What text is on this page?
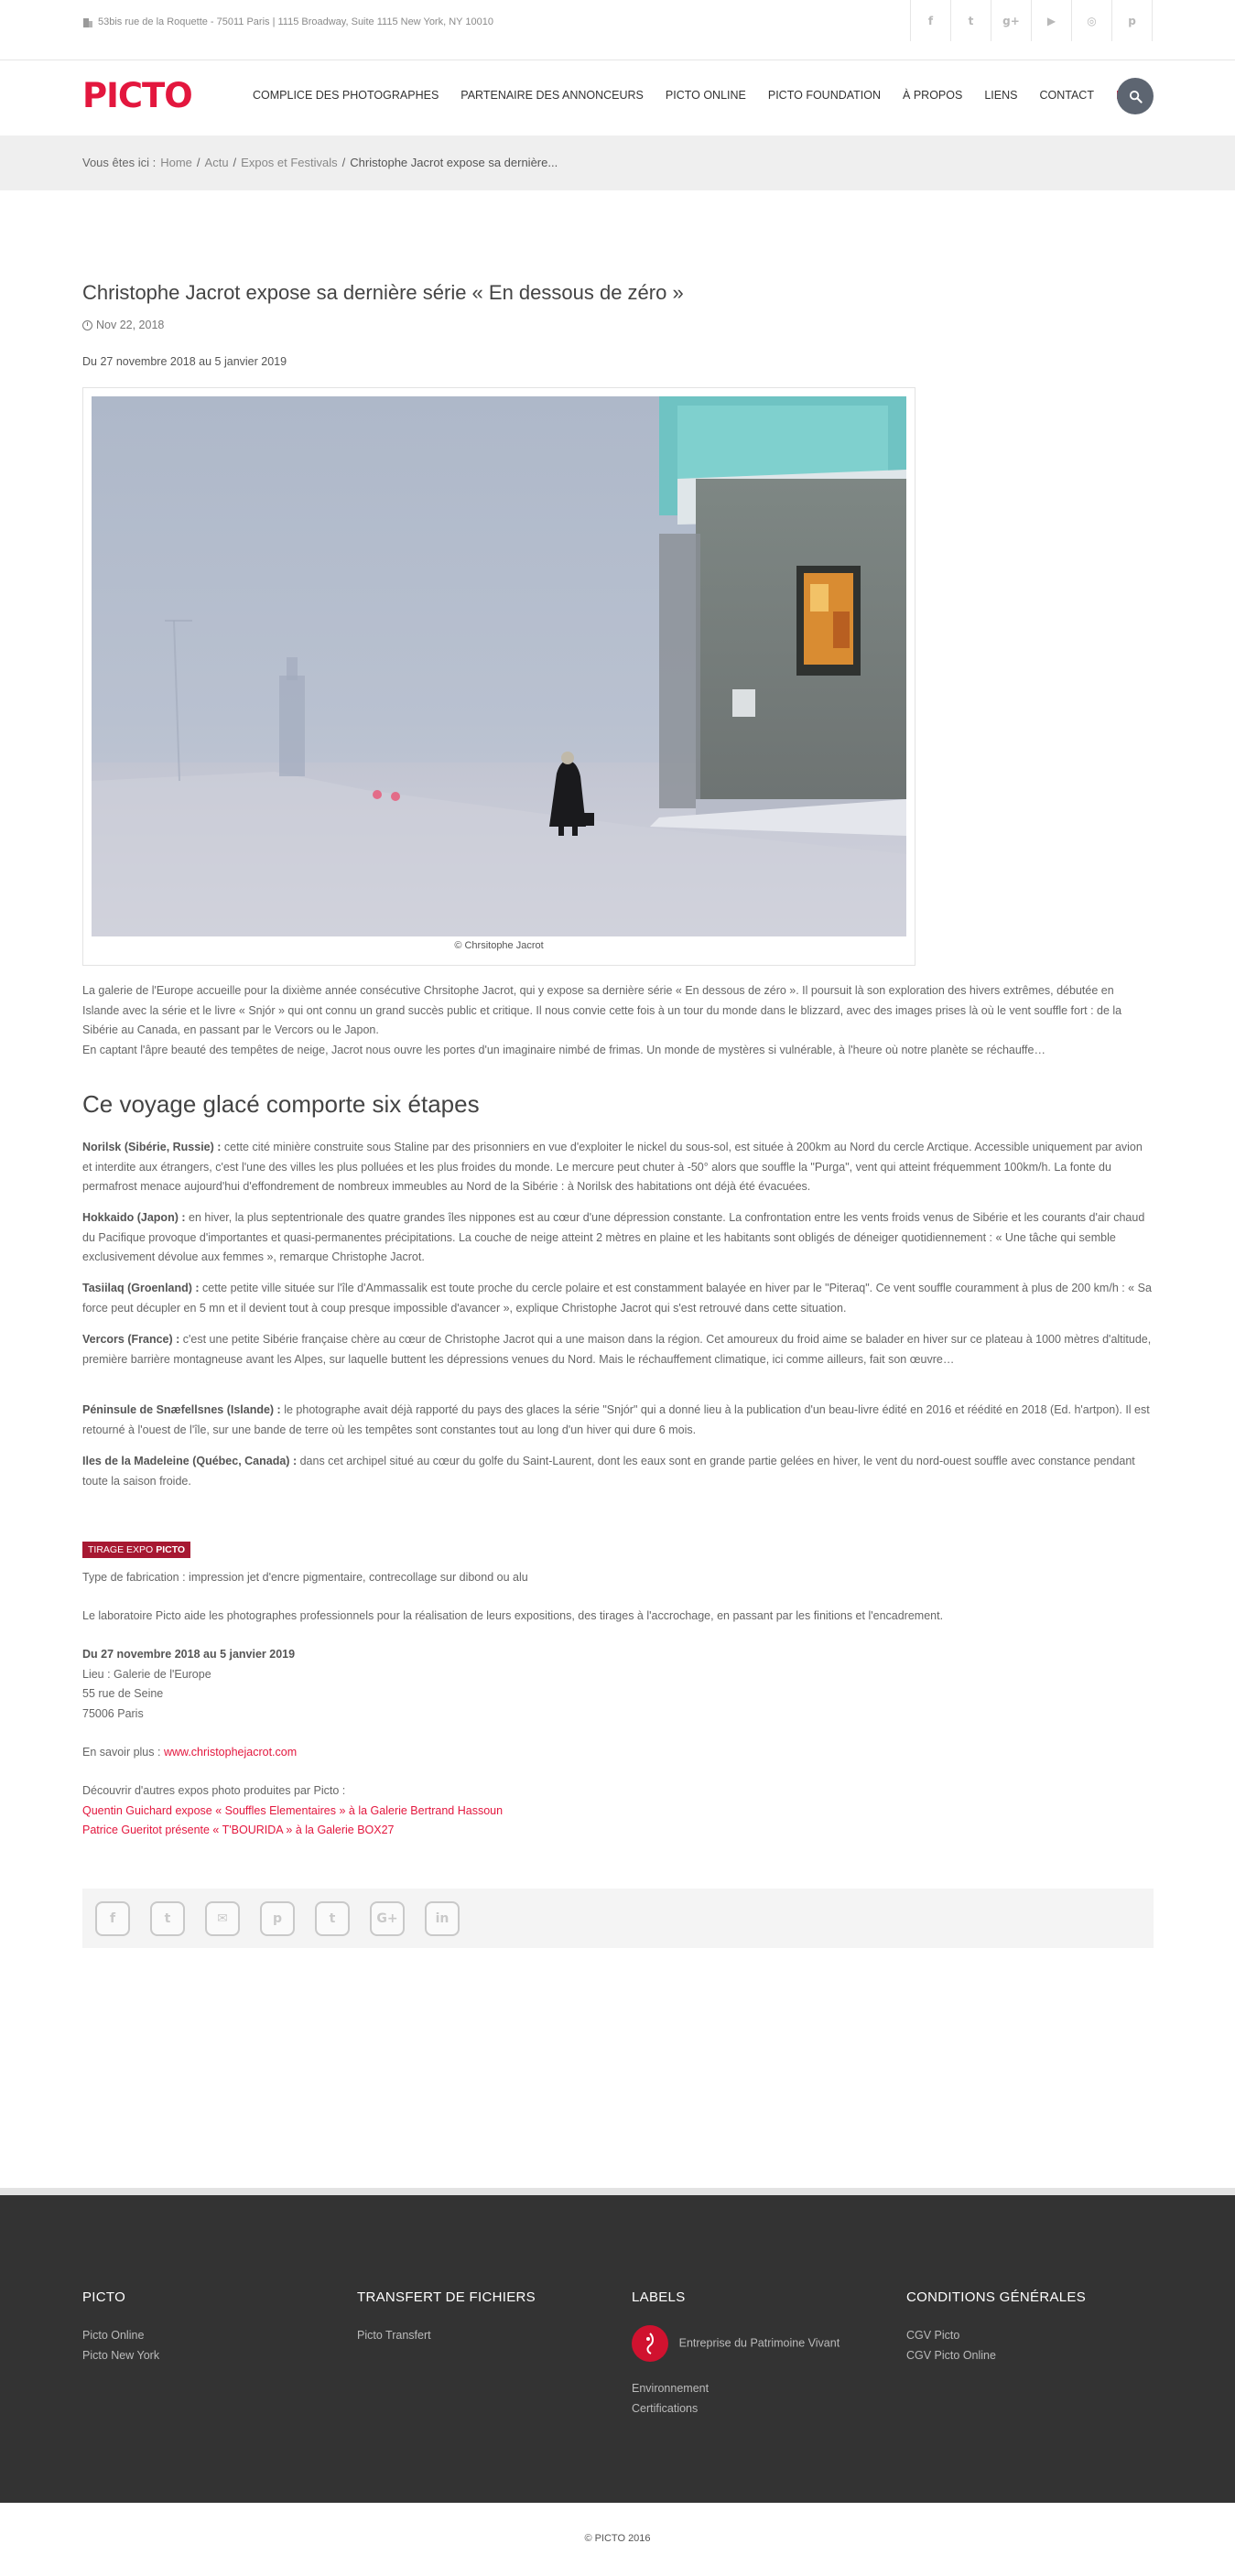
53bis rue de la Roquette - 75011 Paris | 1115 Broadway, Suite 1115 New York, NY 10010	f	t	g+	▶	◎	p
PICTO	COMPLICE DES PHOTOGRAPHES PARTENAIRE DES ANNONCEURS PICTO ONLINE PICTO FOUNDATION À PROPOS LIENS CONTACT
Vous êtes ici : Home / Actu / Expos et Festivals / Christophe Jacrot expose sa dernière...
Christophe Jacrot expose sa dernière série « En dessous de zéro »
Nov 22, 2018
Du 27 novembre 2018 au 5 janvier 2019
© Chrsitophe Jacrot

La galerie de l'Europe accueille pour la dixième année consécutive Chrsitophe Jacrot, qui y expose sa dernière série « En dessous de zéro ». Il poursuit là son exploration des hivers extrêmes, débutée en Islande avec la série et le livre « Snjór » qui ont connu un grand succès public et critique. Il nous convie cette fois à un tour du monde dans le blizzard, avec des images prises là où le vent souffle fort : de la Sibérie au Canada, en passant par le Vercors ou le Japon.
En captant l'âpre beauté des tempêtes de neige, Jacrot nous ouvre les portes d'un imaginaire nimbé de frimas. Un monde de mystères si vulnérable, à l'heure où notre planète se réchauffe…

Ce voyage glacé comporte six étapes

Norilsk (Sibérie, Russie) : cette cité minière construite sous Staline par des prisonniers en vue d'exploiter le nickel du sous-sol, est située à 200km au Nord du cercle Arctique. Accessible uniquement par avion et interdite aux étrangers, c'est l'une des villes les plus polluées et les plus froides du monde. Le mercure peut chuter à -50° alors que souffle la "Purga", vent qui atteint fréquemment 100km/h. La fonte du permafrost menace aujourd'hui d'effondrement de nombreux immeubles au Nord de la Sibérie : à Norilsk des habitations ont déjà été évacuées.

Hokkaido (Japon) : en hiver, la plus septentrionale des quatre grandes îles nippones est au cœur d'une dépression constante. La confrontation entre les vents froids venus de Sibérie et les courants d'air chaud du Pacifique provoque d'importantes et quasi-permanentes précipitations. La couche de neige atteint 2 mètres en plaine et les habitants sont obligés de déneiger quotidiennement : « Une tâche qui semble exclusivement dévolue aux femmes », remarque Christophe Jacrot.

Tasiilaq (Groenland) : cette petite ville située sur l'île d'Ammassalik est toute proche du cercle polaire et est constamment balayée en hiver par le "Piteraq". Ce vent souffle couramment à plus de 200 km/h : « Sa force peut décupler en 5 mn et il devient tout à coup presque impossible d'avancer », explique Christophe Jacrot qui s'est retrouvé dans cette situation.

Vercors (France) : c'est une petite Sibérie française chère au cœur de Christophe Jacrot qui a une maison dans la région. Cet amoureux du froid aime se balader en hiver sur ce plateau à 1000 mètres d'altitude, première barrière montagneuse avant les Alpes, sur laquelle buttent les dépressions venues du Nord. Mais le réchauffement climatique, ici comme ailleurs, fait son œuvre…

Péninsule de Snæfellsnes (Islande) : le photographe avait déjà rapporté du pays des glaces la série "Snjór" qui a donné lieu à la publication d'un beau-livre édité en 2016 et réédité en 2018 (Ed. h'artpon). Il est retourné à l'ouest de l'île, sur une bande de terre où les tempêtes sont constantes tout au long d'un hiver qui dure 6 mois.

Iles de la Madeleine (Québec, Canada) : dans cet archipel situé au cœur du golfe du Saint-Laurent, dont les eaux sont en grande partie gelées en hiver, le vent du nord-ouest souffle avec constance pendant toute la saison froide.

TIRAGE EXPO PICTO

Type de fabrication : impression jet d'encre pigmentaire, contrecollage sur dibond ou alu

Le laboratoire Picto aide les photographes professionnels pour la réalisation de leurs expositions, des tirages à l'accrochage, en passant par les finitions et l'encadrement.

Du 27 novembre 2018 au 5 janvier 2019
Lieu : Galerie de l'Europe
55 rue de Seine
75006 Paris

En savoir plus : www.christophejacrot.com

Découvrir d'autres expos photo produites par Picto :
Quentin Guichard expose « Souffles Elementaires » à la Galerie Bertrand Hassoun
Patrice Gueritot présente « T'BOURIDA » à la Galerie BOX27
f	t	✉	p	t	G+	in
PICTO
Picto Online
Picto New York
TRANSFERT DE FICHIERS
Picto Transfert
LABELS
Entreprise du Patrimoine Vivant
Environnement
Certifications
CONDITIONS GÉNÉRALES
CGV Picto
CGV Picto Online
$_{© PICTO 2016}$
